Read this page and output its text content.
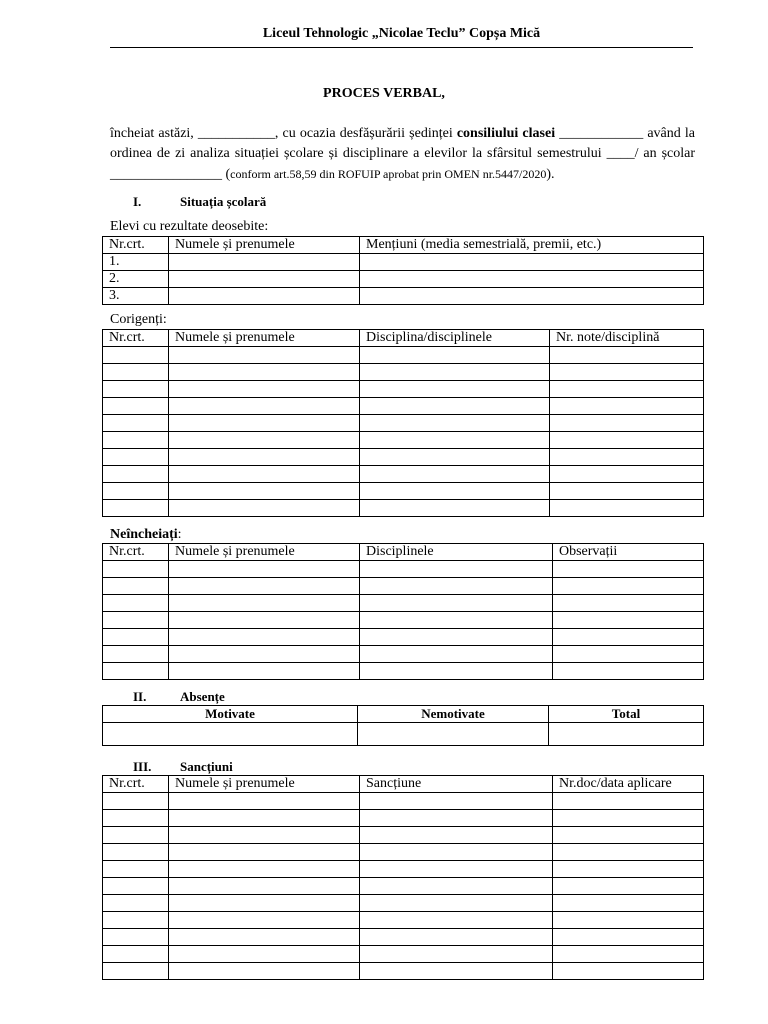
Liceul Tehnologic „Nicolae Teclu” Copșa Mică
PROCES VERBAL,
încheiat astăzi, ___________, cu ocazia desfășurării ședinței consiliului clasei ____________ având la ordinea de zi analiza situației școlare și disciplinare a elevilor la sfârsitul semestrului ____/ an școlar ________________ (conform art.58,59 din ROFUIP aprobat prin OMEN nr.5447/2020).
I.	Situația școlară
Elevi cu rezultate deosebite:
Nr.crt.	Numele și prenumele	Mențiuni (media semestrială, premii, etc.)
1.		
2.		
3.		
Corigenți:
Nr.crt.	Numele și prenumele	Disciplina/disciplinele	Nr. note/disciplină

Neîncheiați:
Nr.crt.	Numele și prenumele	Disciplinele	Observații

II.	Absențe
Motivate	Nemotivate	Total

III. Sancțiuni
Nr.crt.	Numele și prenumele	Sancțiune	Nr.doc/data aplicare
